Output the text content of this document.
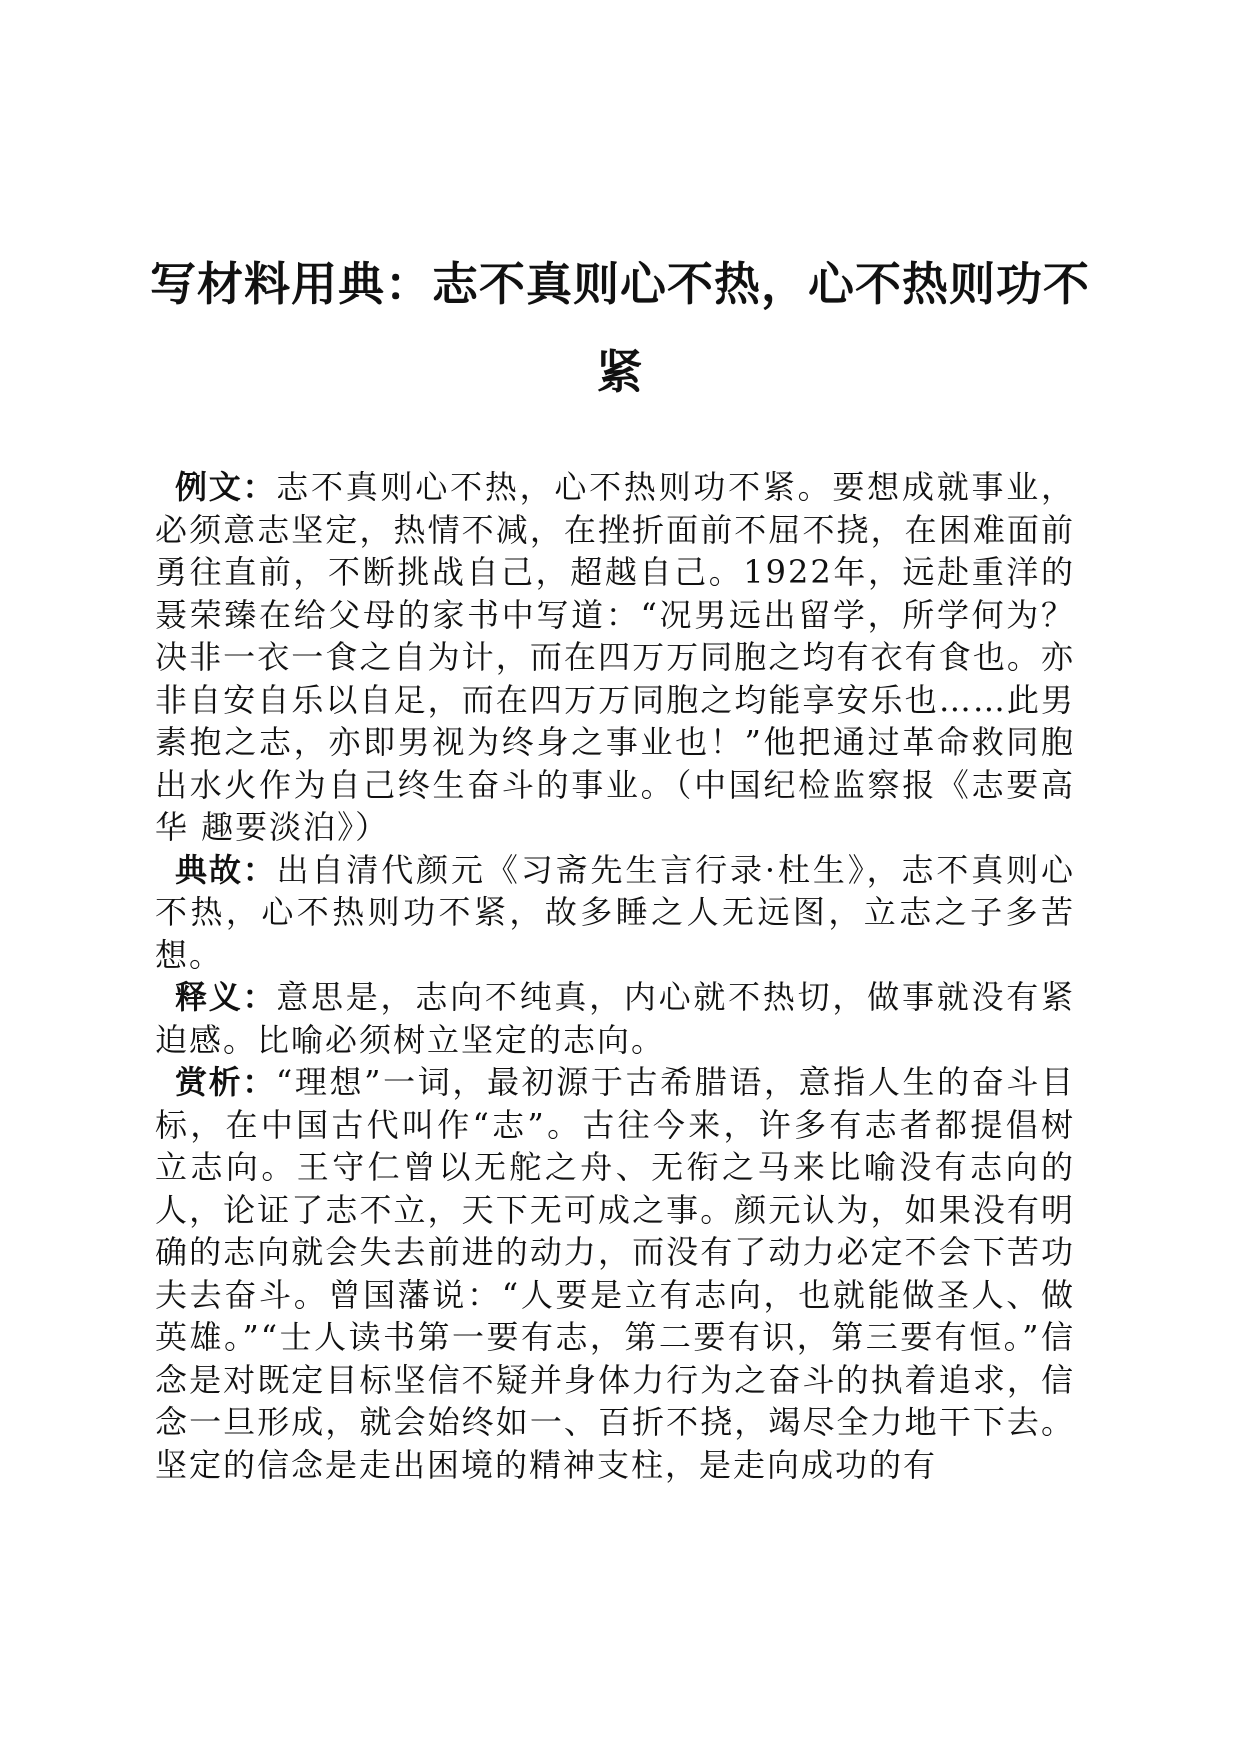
写材料用典：志不真则心不热，心不热则功不紧

例文：志不真则心不热，心不热则功不紧。要想成就事业，必须意志坚定，热情不减，在挫折面前不屈不挠，在困难面前勇往直前，不断挑战自己，超越自己。1922年，远赴重洋的聂荣臻在给父母的家书中写道：“况男远出留学，所学何为？决非一衣一食之自为计，而在四万万同胞之均有衣有食也。亦非自安自乐以自足，而在四万万同胞之均能享安乐也……此男素抱之志，亦即男视为终身之事业也！”他把通过革命救同胞出水火作为自己终生奋斗的事业。（中国纪检监察报《志要高华 趣要淡泊》）

典故：出自清代颜元《习斋先生言行录·杜生》，志不真则心不热，心不热则功不紧，故多睡之人无远图，立志之子多苦想。

释义：意思是，志向不纯真，内心就不热切，做事就没有紧迫感。比喻必须树立坚定的志向。

赏析：“理想”一词，最初源于古希腊语，意指人生的奋斗目标，在中国古代叫作“志”。古往今来，许多有志者都提倡树立志向。王守仁曾以无舵之舟、无衔之马来比喻没有志向的人，论证了志不立，天下无可成之事。颜元认为，如果没有明确的志向就会失去前进的动力，而没有了动力必定不会下苦功夫去奋斗。曾国藩说：“人要是立有志向，也就能做圣人、做英雄。”“士人读书第一要有志，第二要有识，第三要有恒。”信念是对既定目标坚信不疑并身体力行为之奋斗的执着追求，信念一旦形成，就会始终如一、百折不挠，竭尽全力地干下去。坚定的信念是走出困境的精神支柱，是走向成功的有
